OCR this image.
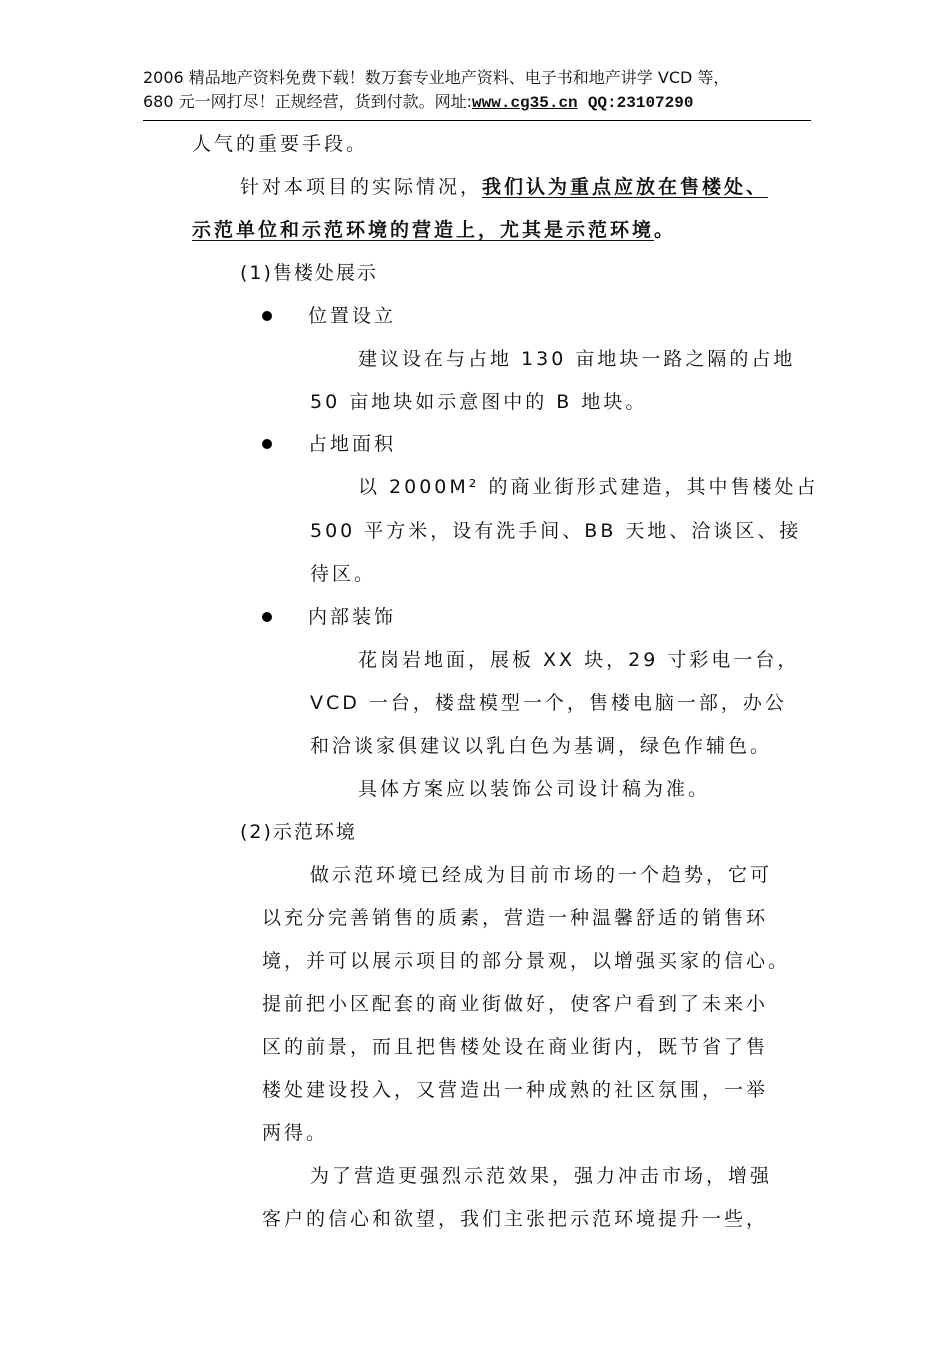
2006 精品地产资料免费下载！数万套专业地产资料、电子书和地产讲学 VCD 等，
680 元一网打尽！正规经营，货到付款。网址:www.cg35.cn QQ:23107290
人气的重要手段。
针对本项目的实际情况，我们认为重点应放在售楼处、
示范单位和示范环境的营造上，尤其是示范环境。
(1)售楼处展示
位置设立
建议设在与占地 130 亩地块一路之隔的占地
50 亩地块如示意图中的 B 地块。
占地面积
以 2000M² 的商业街形式建造，其中售楼处占
500 平方米，设有洗手间、BB 天地、洽谈区、接
待区。
内部装饰
花岗岩地面，展板 XX 块，29 寸彩电一台，
VCD 一台，楼盘模型一个，售楼电脑一部，办公
和洽谈家俱建议以乳白色为基调，绿色作辅色。
具体方案应以装饰公司设计稿为准。
(2)示范环境
做示范环境已经成为目前市场的一个趋势，它可
以充分完善销售的质素，营造一种温馨舒适的销售环
境，并可以展示项目的部分景观，以增强买家的信心。
提前把小区配套的商业街做好，使客户看到了未来小
区的前景，而且把售楼处设在商业街内，既节省了售
楼处建设投入，又营造出一种成熟的社区氛围，一举
两得。
为了营造更强烈示范效果，强力冲击市场，增强
客户的信心和欲望，我们主张把示范环境提升一些，
